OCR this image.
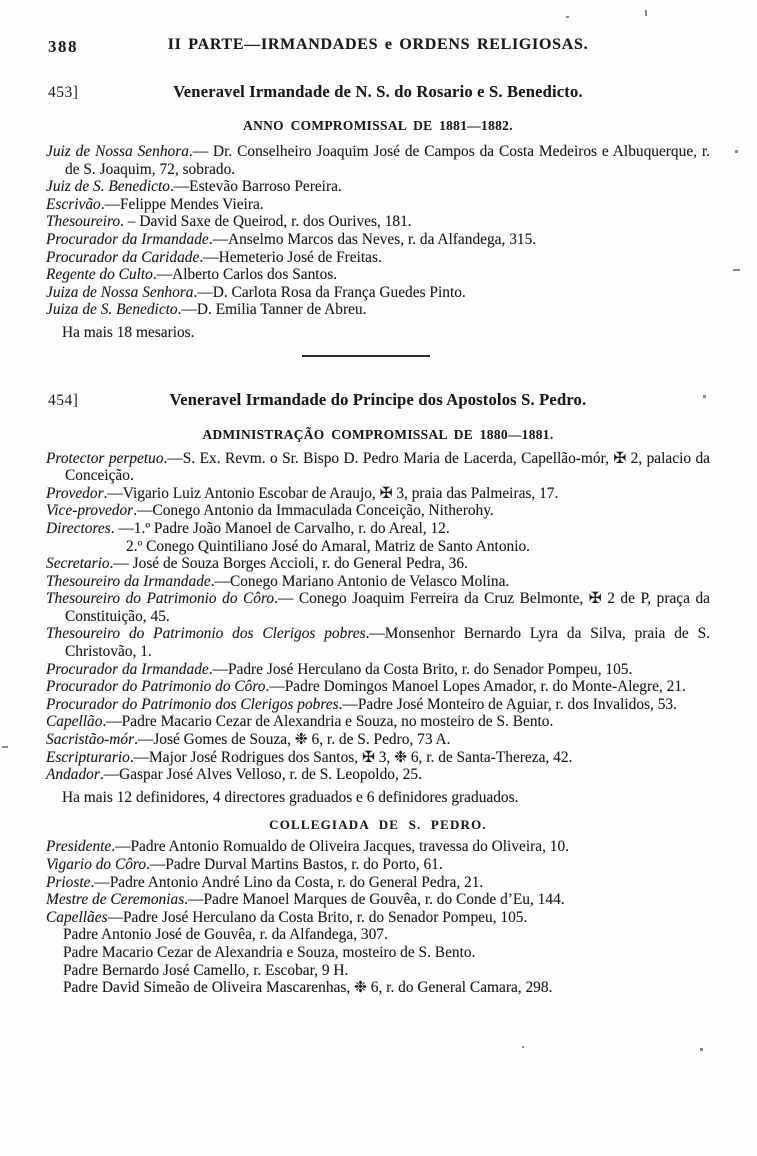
388	II PARTE—IRMANDADES e ORDENS RELIGIOSAS.
453]	Veneravel Irmandade de N. S. do Rosario e S. Benedicto.
ANNO COMPROMISSAL DE 1881—1882.

Juiz de Nossa Senhora.— Dr. Conselheiro Joaquim José de Campos da Costa Medeiros e Albuquerque, r. de S. Joaquim, 72, sobrado.

Juiz de S. Benedicto.—Estevão Barroso Pereira.

Escrivão.—Felippe Mendes Vieira.

Thesoureiro. – David Saxe de Queirod, r. dos Ourives, 181.

Procurador da Irmandade.—Anselmo Marcos das Neves, r. da Alfandega, 315.

Procurador da Caridade.—Hemeterio José de Freitas.

Regente do Culto.—Alberto Carlos dos Santos.

Juiza de Nossa Senhora.—D. Carlota Rosa da França Guedes Pinto.

Juiza de S. Benedicto.—D. Emilia Tanner de Abreu.

Ha mais 18 mesarios.

454]	Veneravel Irmandade do Principe dos Apostolos S. Pedro.
ADMINISTRAÇÃO COMPROMISSAL DE 1880—1881.

Protector perpetuo.—S. Ex. Revm. o Sr. Bispo D. Pedro Maria de Lacerda, Capellão-mór, ✠ 2, palacio da Conceição.

Provedor.—Vigario Luiz Antonio Escobar de Araujo, ✠ 3, praia das Palmeiras, 17.

Vice-provedor.—Conego Antonio da Immaculada Conceição, Nitherohy.

Directores. —1.º Padre João Manoel de Carvalho, r. do Areal, 12.

2.º Conego Quintiliano José do Amaral, Matriz de Santo Antonio.

Secretario.— José de Souza Borges Accioli, r. do General Pedra, 36.

Thesoureiro da Irmandade.—Conego Mariano Antonio de Velasco Molina.

Thesoureiro do Patrimonio do Côro.— Conego Joaquim Ferreira da Cruz Belmonte, ✠ 2 de P, praça da Constituição, 45.

Thesoureiro do Patrimonio dos Clerigos pobres.—Monsenhor Bernardo Lyra da Silva, praia de S. Christovão, 1.

Procurador da Irmandade.—Padre José Herculano da Costa Brito, r. do Senador Pompeu, 105.

Procurador do Patrimonio do Côro.—Padre Domingos Manoel Lopes Amador, r. do Monte-Alegre, 21.

Procurador do Patrimonio dos Clerigos pobres.—Padre José Monteiro de Aguiar, r. dos Invalidos, 53.

Capellão.—Padre Macario Cezar de Alexandria e Souza, no mosteiro de S. Bento.

Sacristão-mór.—José Gomes de Souza, ❉ 6, r. de S. Pedro, 73 A.

Escripturario.—Major José Rodrigues dos Santos, ✠ 3, ❉ 6, r. de Santa-Thereza, 42.

Andador.—Gaspar José Alves Velloso, r. de S. Leopoldo, 25.

Ha mais 12 definidores, 4 directores graduados e 6 definidores graduados.

COLLEGIADA DE S. PEDRO.

Presidente.—Padre Antonio Romualdo de Oliveira Jacques, travessa do Oliveira, 10.

Vigario do Côro.—Padre Durval Martins Bastos, r. do Porto, 61.

Prioste.—Padre Antonio André Lino da Costa, r. do General Pedra, 21.

Mestre de Ceremonias.—Padre Manoel Marques de Gouvêa, r. do Conde d’Eu, 144.

Capellães—Padre José Herculano da Costa Brito, r. do Senador Pompeu, 105.

Padre Antonio José de Gouvêa, r. da Alfandega, 307.

Padre Macario Cezar de Alexandria e Souza, mosteiro de S. Bento.

Padre Bernardo José Camello, r. Escobar, 9 H.

Padre David Simeão de Oliveira Mascarenhas, ❉ 6, r. do General Camara, 298.
